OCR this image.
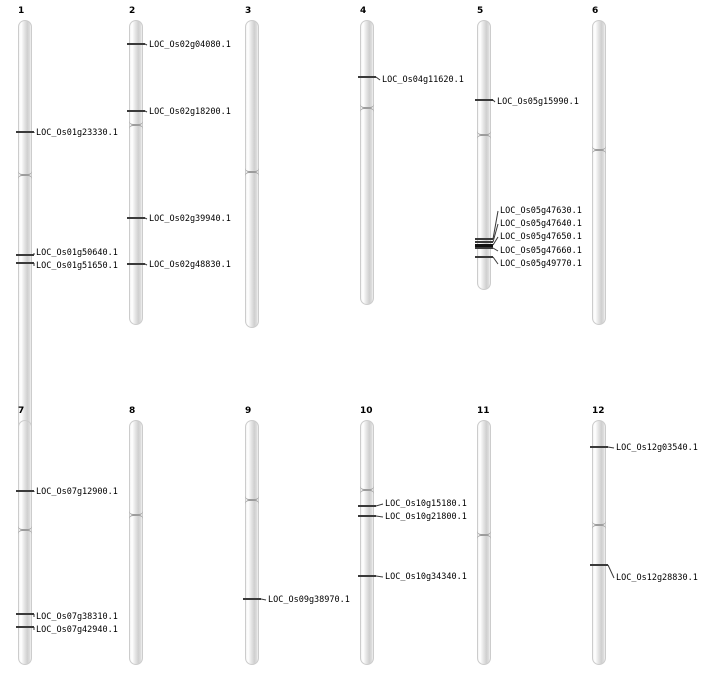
1
LOC_Os01g23330.1
LOC_Os01g50640.1
LOC_Os01g51650.1
2
LOC_Os02g04080.1
LOC_Os02g18200.1
LOC_Os02g39940.1
LOC_Os02g48830.1
3	4
LOC_Os04g11620.1
5
LOC_Os05g15990.1
LOC_Os05g47630.1
LOC_Os05g47640.1
LOC_Os05g47650.1
LOC_Os05g47660.1
LOC_Os05g49770.1
6
7
LOC_Os07g12900.1
LOC_Os07g38310.1
LOC_Os07g42940.1
8	9
LOC_Os09g38970.1
10
LOC_Os10g15180.1
LOC_Os10g21800.1
LOC_Os10g34340.1
11	12
LOC_Os12g03540.1
LOC_Os12g28830.1
